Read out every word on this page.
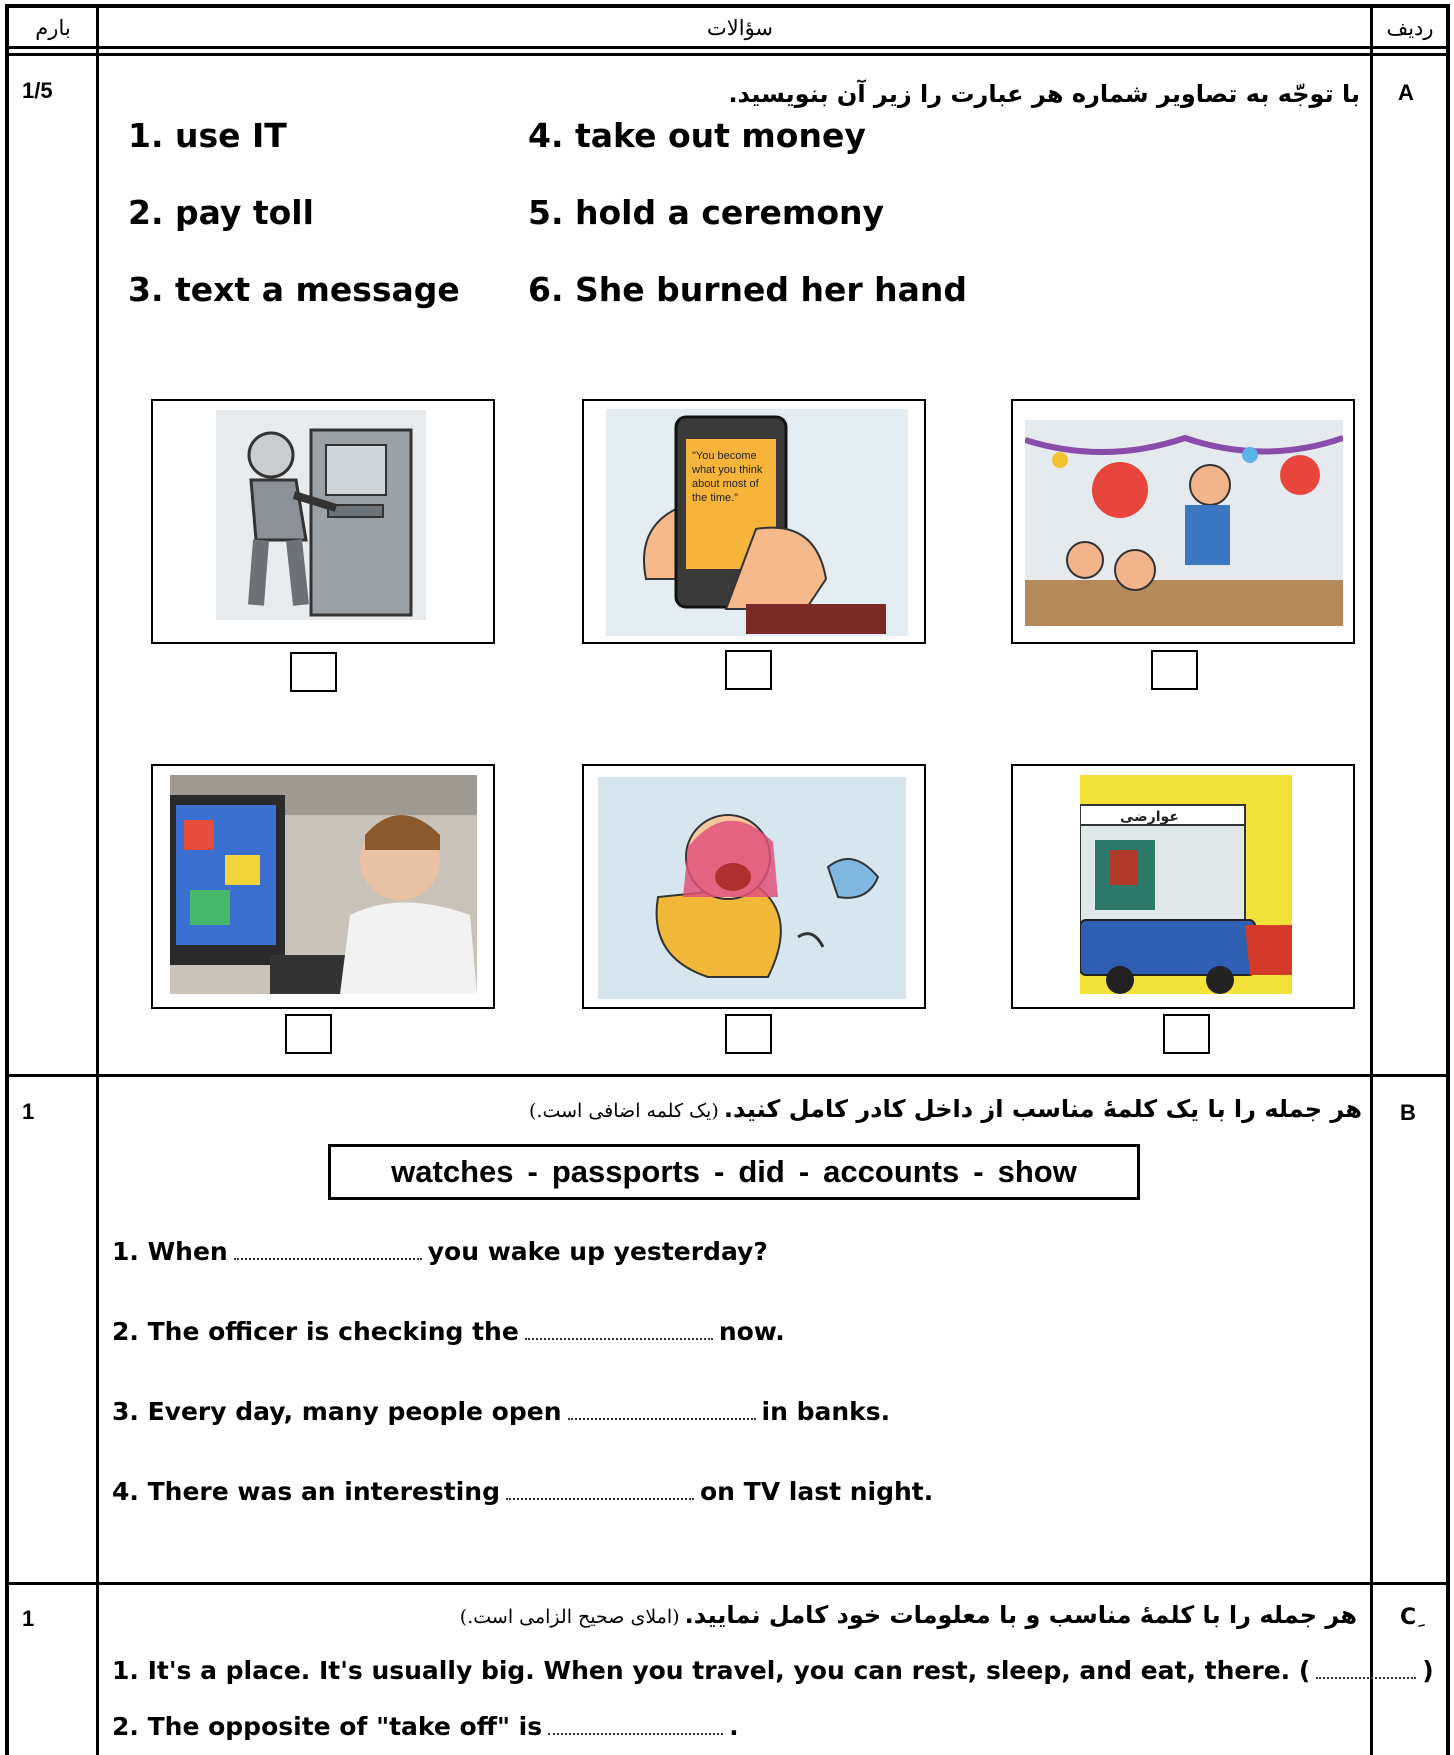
بارم	سؤالات	ردیف
1/5	A
با توجّه به تصاویر شماره هر عبارت را زیر آن بنویسید.
1. use IT
2. pay toll
3. text a message
4. take out money
5. hold a ceremony
6. She burned her hand
"You become
what you think
about most of
the time."
عوارضی
1	B
هر جمله را با یک کلمهٔ مناسب از داخل کادر کامل کنید. (یک کلمه اضافی است.)
watches - passports - did - accounts - show
1. When	you wake up yesterday?
2. The officer is checking the	now.
3. Every day, many people open	in banks.
4. There was an interesting	on TV last night.
1	Cِ
هر جمله را با کلمهٔ مناسب و با معلومات خود کامل نمایید. (املای صحیح الزامی است.)
1. It's a place. It's usually big. When you travel, you can rest, sleep, and eat, there. (	)
2. The opposite of "take off" is	.
